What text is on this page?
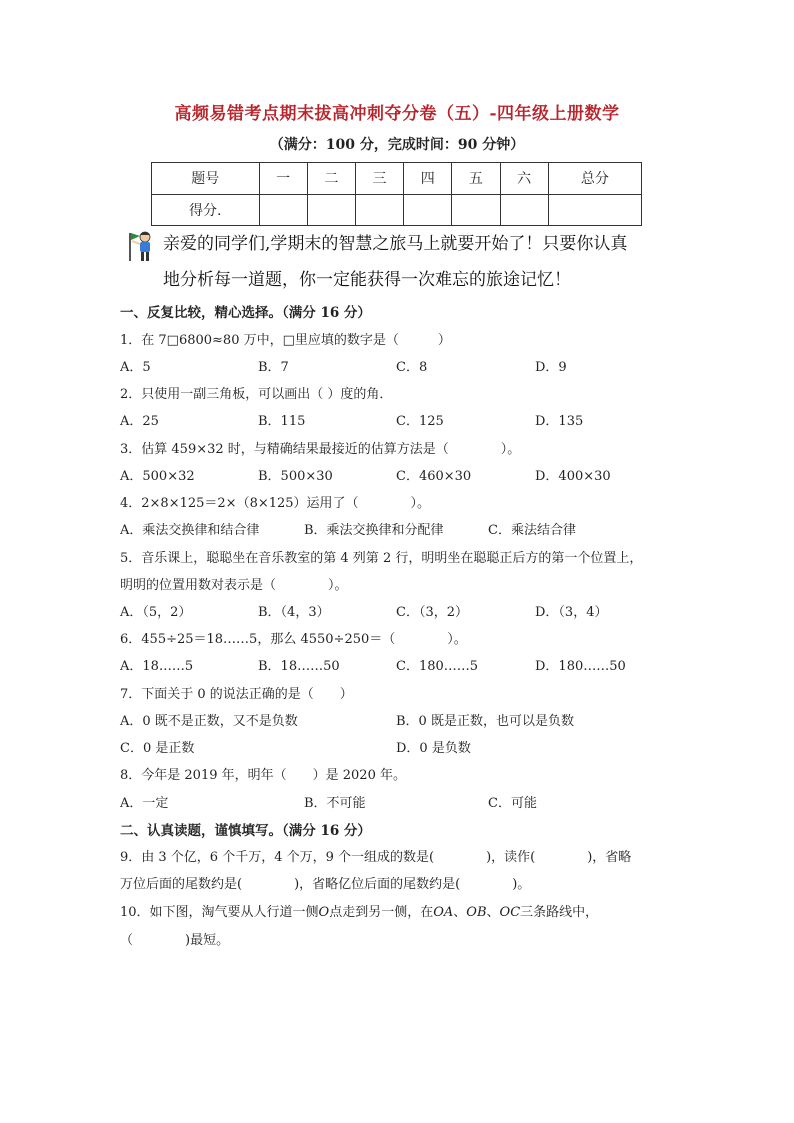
高频易错考点期末拔高冲刺夺分卷（五）-四年级上册数学
（满分：100 分，完成时间：90 分钟）
题号	一	二	三	四	五	六	总分
得分.							
亲爱的同学们,学期末的智慧之旅马上就要开始了！只要你认真
地分析每一道题，你一定能获得一次难忘的旅途记忆！
一、反复比较，精心选择。（满分 16 分）
1．在 7□6800≈80 万中，□里应填的数字是（　　　）
A．5	B．7	C．8	D．9
2．只使用一副三角板，可以画出（ ）度的角．
A．25	B．115	C．125	D．135
3．估算 459×32 时，与精确结果最接近的估算方法是（　　　　）。
A．500×32	B．500×30	C．460×30	D．400×30
4．2×8×125＝2×（8×125）运用了（　　　　）。
A．乘法交换律和结合律	B．乘法交换律和分配律	C．乘法结合律
5．音乐课上，聪聪坐在音乐教室的第 4 列第 2 行，明明坐在聪聪正后方的第一个位置上，
明明的位置用数对表示是（　　　　）。
A．（5，2）	B．（4，3）	C．（3，2）	D．（3，4）
6．455÷25＝18……5，那么 4550÷250＝（　　　　）。
A．18……5	B．18……50	C．180……5	D．180……50
7．下面关于 0 的说法正确的是（　　）
A．0 既不是正数，又不是负数	B．0 既是正数，也可以是负数
C．0 是正数	D．0 是负数
8．今年是 2019 年，明年（　　）是 2020 年。
A．一定	B．不可能	C．可能
二、认真读题，谨慎填写。（满分 16 分）
9．由 3 个亿，6 个千万，4 个万，9 个一组成的数是(　　　　)，读作(　　　　)，省略
万位后面的尾数约是(　　　　)，省略亿位后面的尾数约是(　　　　)。
10．如下图，淘气要从人行道一侧O点走到另一侧，在OA、OB、OC三条路线中，
（　　　　)最短。
